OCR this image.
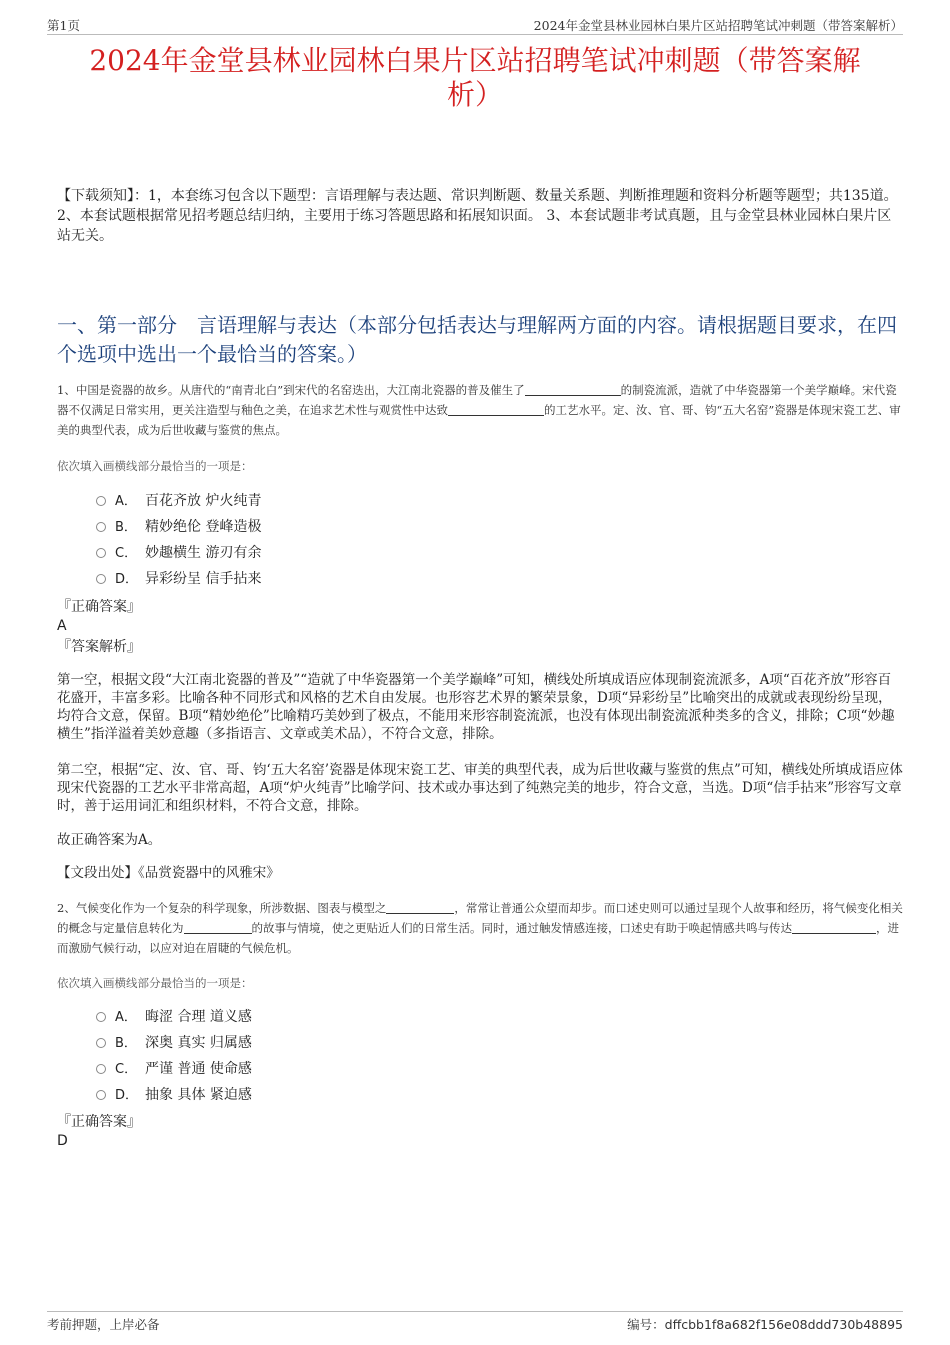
第1页	2024年金堂县林业园林白果片区站招聘笔试冲刺题（带答案解析）
2024年金堂县林业园林白果片区站招聘笔试冲刺题（带答案解
析）
【下载须知】：1，本套练习包含以下题型：言语理解与表达题、常识判断题、数量关系题、判断推理题和资料分析题等题型；共135道。 2、本套试题根据常见招考题总结归纳，主要用于练习答题思路和拓展知识面。 3、本套试题非考试真题，且与金堂县林业园林白果片区站无关。
一、第一部分　言语理解与表达（本部分包括表达与理解两方面的内容。请根据题目要求，在四个选项中选出一个最恰当的答案。）
1、中国是瓷器的故乡。从唐代的“南青北白”到宋代的名窑迭出，大江南北瓷器的普及催生了	的制瓷流派，造就了中华瓷器第一个美学巅峰。宋代瓷器不仅满足日常实用，更关注造型与釉色之美，在追求艺术性与观赏性中达致	的工艺水平。定、汝、官、哥、钧“五大名窑”瓷器是体现宋瓷工艺、审美的典型代表，成为后世收藏与鉴赏的焦点。
依次填入画横线部分最恰当的一项是：
A． 百花齐放 炉火纯青
B． 精妙绝伦 登峰造极
C． 妙趣横生 游刃有余
D． 异彩纷呈 信手拈来
『正确答案』
A
『答案解析』
第一空，根据文段“大江南北瓷器的普及”“造就了中华瓷器第一个美学巅峰”可知，横线处所填成语应体现制瓷流派多，A项“百花齐放”形容百花盛开，丰富多彩。比喻各种不同形式和风格的艺术自由发展。也形容艺术界的繁荣景象，D项“异彩纷呈”比喻突出的成就或表现纷纷呈现，均符合文意，保留。B项“精妙绝伦”比喻精巧美妙到了极点，不能用来形容制瓷流派，也没有体现出制瓷流派种类多的含义，排除；C项“妙趣横生”指洋溢着美妙意趣（多指语言、文章或美术品），不符合文意，排除。
第二空，根据“定、汝、官、哥、钧‘五大名窑’瓷器是体现宋瓷工艺、审美的典型代表，成为后世收藏与鉴赏的焦点”可知，横线处所填成语应体现宋代瓷器的工艺水平非常高超，A项“炉火纯青”比喻学问、技术或办事达到了纯熟完美的地步，符合文意，当选。D项“信手拈来”形容写文章时，善于运用词汇和组织材料，不符合文意，排除。
故正确答案为A。
【文段出处】《品赏瓷器中的风雅宋》
2、气候变化作为一个复杂的科学现象，所涉数据、图表与模型之	，常常让普通公众望而却步。而口述史则可以通过呈现个人故事和经历，将气候变化相关的概念与定量信息转化为	的故事与情境，使之更贴近人们的日常生活。同时，通过触发情感连接，口述史有助于唤起情感共鸣与传达	，进而激励气候行动，以应对迫在眉睫的气候危机。
依次填入画横线部分最恰当的一项是：
A． 晦涩 合理 道义感
B． 深奥 真实 归属感
C． 严谨 普通 使命感
D． 抽象 具体 紧迫感
『正确答案』
D
考前押题，上岸必备	编号：dffcbb1f8a682f156e08ddd730b48895
